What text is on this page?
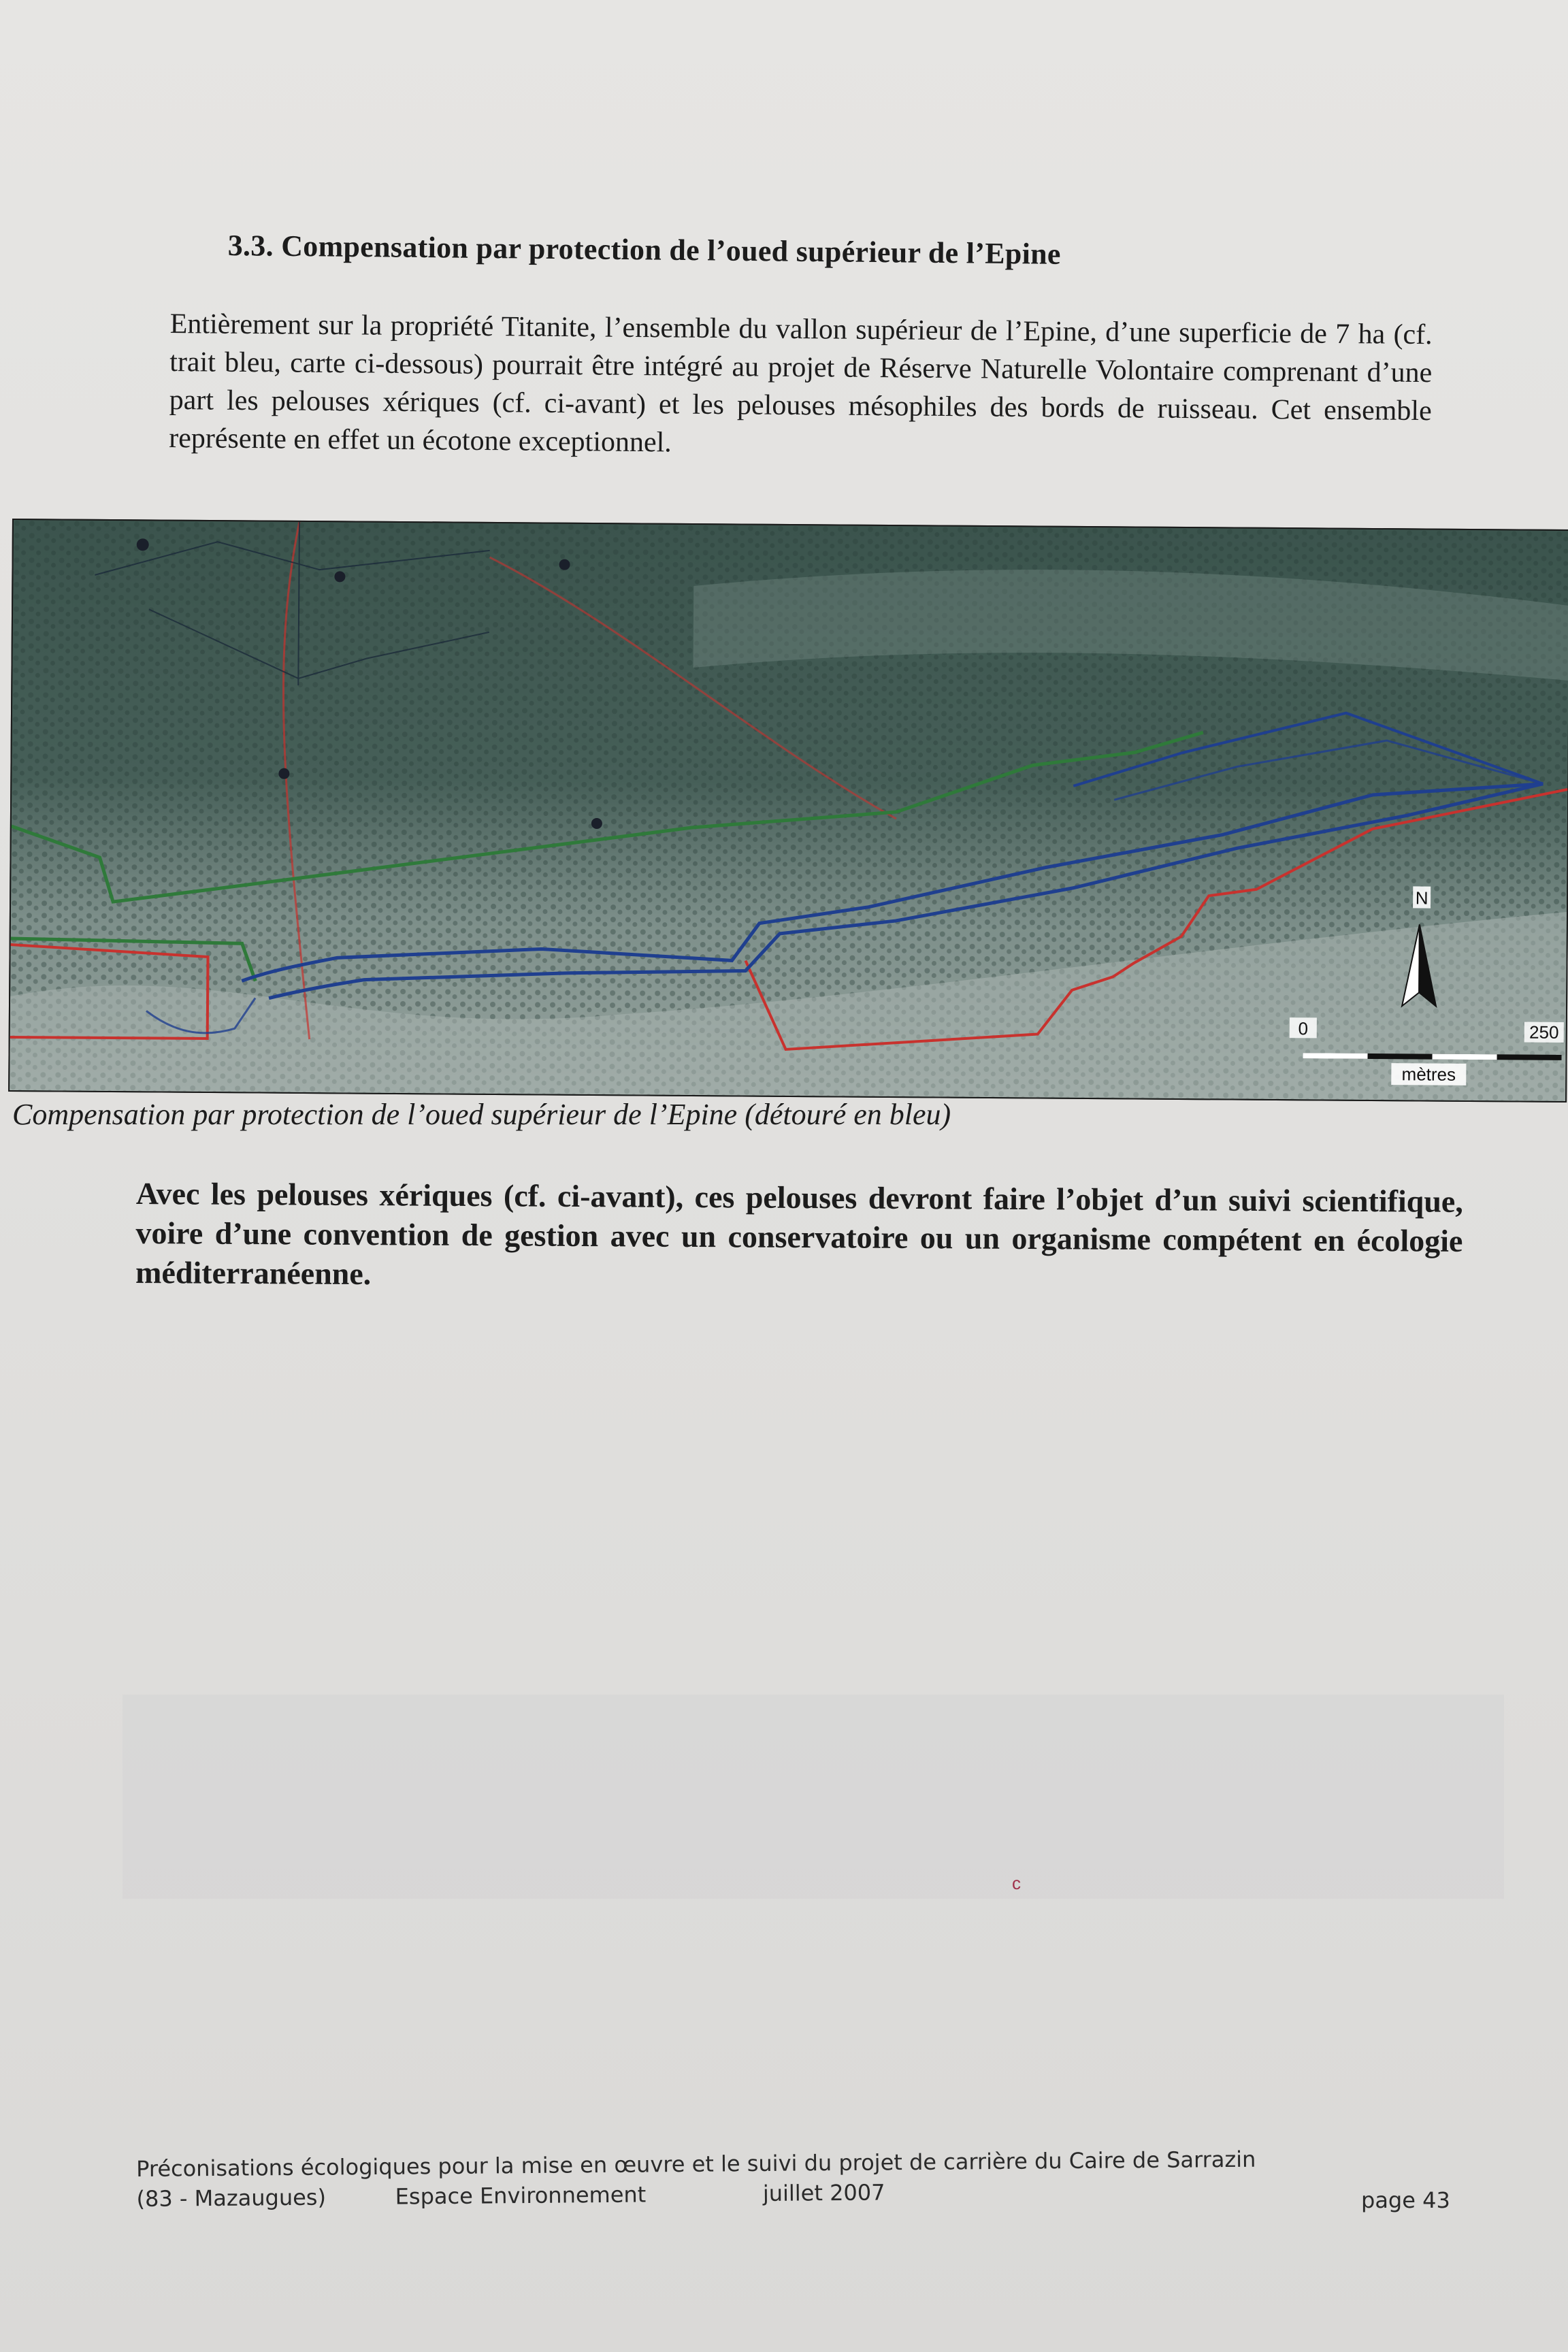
3.3. Compensation par protection de l’oued supérieur de l’Epine
Entièrement sur la propriété Titanite, l’ensemble du vallon supérieur de l’Epine, d’une superficie de 7 ha (cf. trait bleu, carte ci-dessous) pourrait être intégré au projet de Réserve Naturelle Volontaire comprenant d’une part les pelouses xériques (cf. ci-avant) et les pelouses mésophiles des bords de ruisseau. Cet ensemble représente en effet un écotone exceptionnel.
N
0	250
mètres
Compensation par protection de l’oued supérieur de l’Epine (détouré en bleu)
Avec les pelouses xériques (cf. ci-avant), ces pelouses devront faire l’objet d’un suivi scientifique, voire d’une convention de gestion avec un conservatoire ou un organisme compétent en écologie méditerranéenne.
c
Préconisations écologiques pour la mise en œuvre et le suivi du projet de carrière du Caire de Sarrazin
(83 - Mazaugues)	Espace Environnement	juillet 2007	page 43
